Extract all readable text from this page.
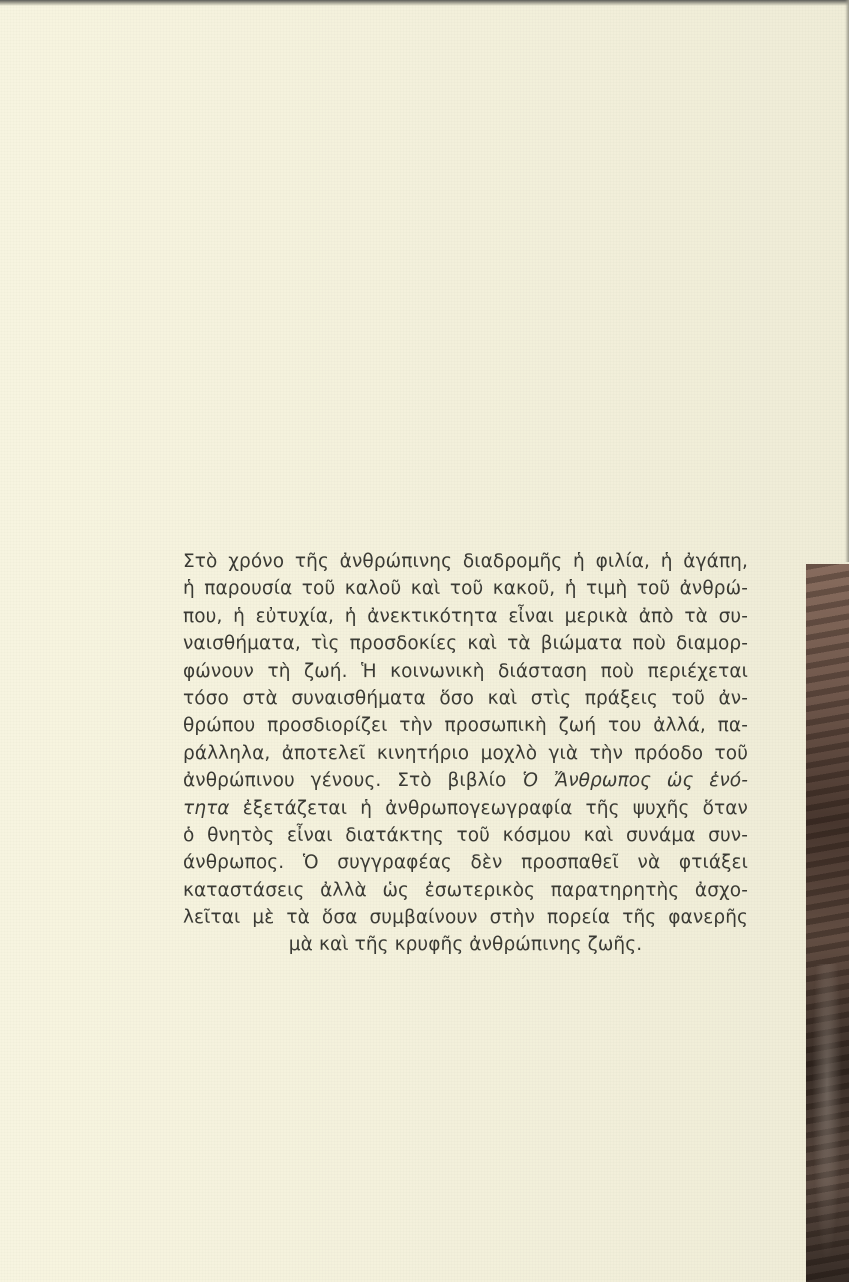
Στὸ χρόνο τῆς ἀνθρώπινης διαδρομῆς ἡ φιλία, ἡ ἀγάπη,
ἡ παρουσία τοῦ καλοῦ καὶ τοῦ κακοῦ, ἡ τιμὴ τοῦ ἀνθρώ-
που, ἡ εὐτυχία, ἡ ἀνεκτικότητα εἶναι μερικὰ ἀπὸ τὰ συ-
ναισθήματα, τὶς προσδοκίες καὶ τὰ βιώματα ποὺ διαμορ-
φώνουν τὴ ζωή. Ἡ κοινωνικὴ διάσταση ποὺ περιέχεται
τόσο στὰ συναισθήματα ὅσο καὶ στὶς πράξεις τοῦ ἀν-
θρώπου προσδιορίζει τὴν προσωπικὴ ζωή του ἀλλά, πα-
ράλληλα, ἀποτελεῖ κινητήριο μοχλὸ γιὰ τὴν πρόοδο τοῦ
ἀνθρώπινου γένους. Στὸ βιβλίο Ὁ Ἄνθρωπος ὡς ἑνό-
τητα ἐξετάζεται ἡ ἀνθρωπογεωγραφία τῆς ψυχῆς ὅταν
ὁ θνητὸς εἶναι διατάκτης τοῦ κόσμου καὶ συνάμα συν-
άνθρωπος. Ὁ συγγραφέας δὲν προσπαθεῖ νὰ φτιάξει
καταστάσεις ἀλλὰ ὡς ἐσωτερικὸς παρατηρητὴς ἀσχο-
λεῖται μὲ τὰ ὅσα συμβαίνουν στὴν πορεία τῆς φανερῆς
μὰ καὶ τῆς κρυφῆς ἀνθρώπινης ζωῆς.
